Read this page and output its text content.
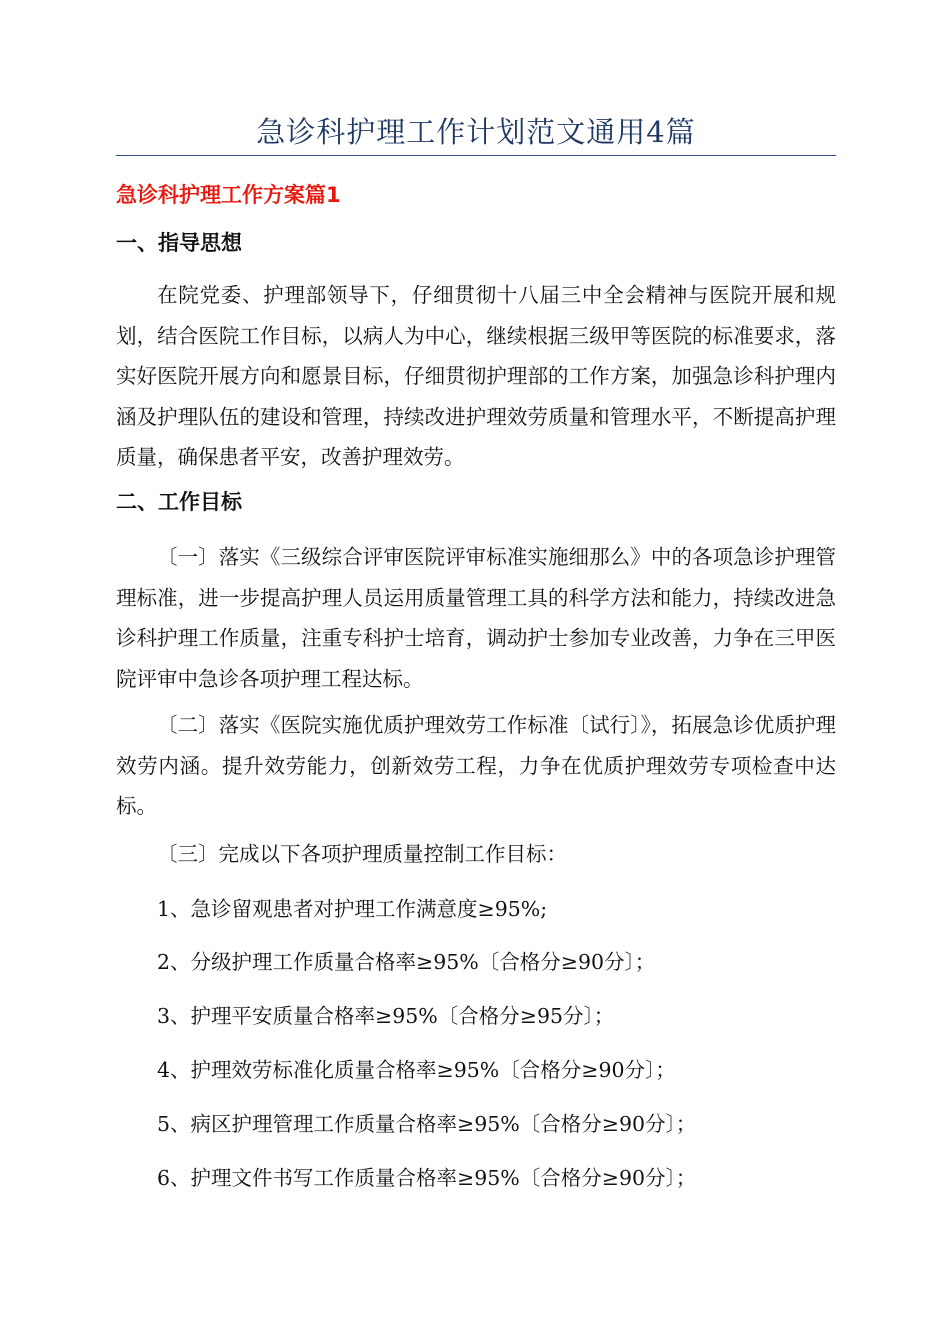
急诊科护理工作计划范文通用4篇
急诊科护理工作方案篇1
一、指导思想
在院党委、护理部领导下，仔细贯彻十八届三中全会精神与医院开展和规划，结合医院工作目标，以病人为中心，继续根据三级甲等医院的标准要求，落实好医院开展方向和愿景目标，仔细贯彻护理部的工作方案，加强急诊科护理内涵及护理队伍的建设和管理，持续改进护理效劳质量和管理水平，不断提高护理质量，确保患者平安，改善护理效劳。
二、工作目标
〔一〕落实《三级综合评审医院评审标准实施细那么》中的各项急诊护理管理标准，进一步提高护理人员运用质量管理工具的科学方法和能力，持续改进急诊科护理工作质量，注重专科护士培育，调动护士参加专业改善，力争在三甲医院评审中急诊各项护理工程达标。
〔二〕落实《医院实施优质护理效劳工作标准〔试行〕》，拓展急诊优质护理效劳内涵。提升效劳能力，创新效劳工程，力争在优质护理效劳专项检查中达标。
〔三〕完成以下各项护理质量控制工作目标：
1、急诊留观患者对护理工作满意度≥95%;
2、分级护理工作质量合格率≥95%〔合格分≥90分〕；
3、护理平安质量合格率≥95%〔合格分≥95分〕；
4、护理效劳标准化质量合格率≥95%〔合格分≥90分〕；
5、病区护理管理工作质量合格率≥95%〔合格分≥90分〕；
6、护理文件书写工作质量合格率≥95%〔合格分≥90分〕；
